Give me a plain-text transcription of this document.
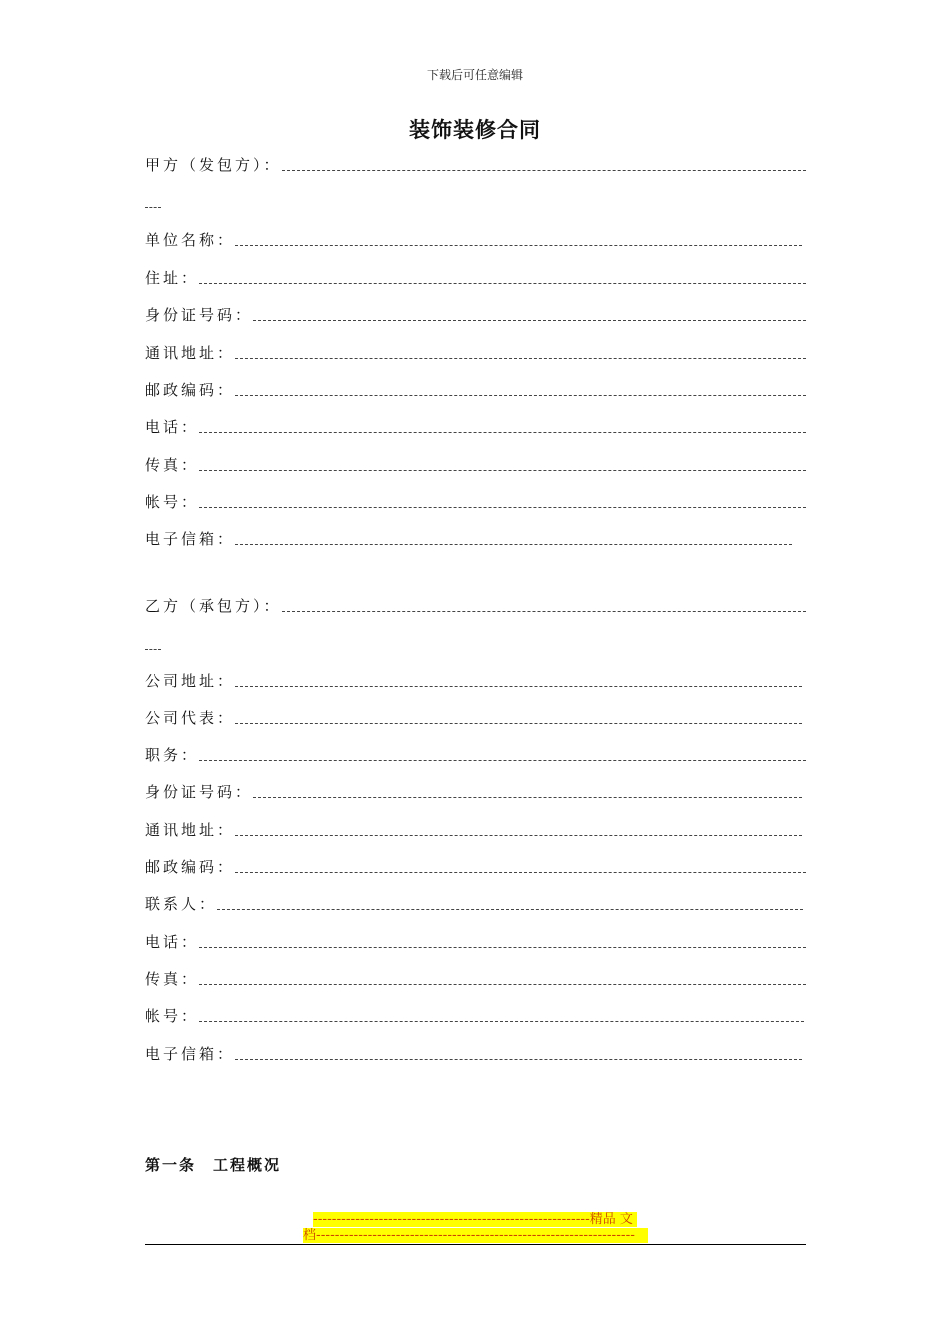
下载后可任意编辑
装饰装修合同
甲方（发包方）：
单位名称：
住址：
身份证号码：
通讯地址：
邮政编码：
电话：
传真：
帐号：
电子信箱：
乙方（承包方）：
公司地址：
公司代表：
职务：
身份证号码：
通讯地址：
邮政编码：
联系人：
电话：
传真：
帐号：
电子信箱：
第一条　工程概况
-----------------------------------------------------------精品 文
档--------------------------------------------------------------------
